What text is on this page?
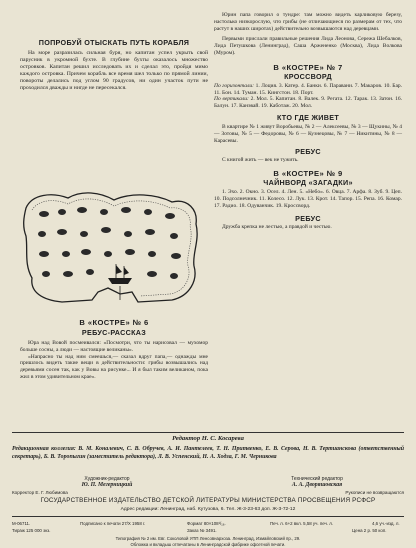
ПОПРОБУЙ ОТЫСКАТЬ ПУТЬ КОРАБЛЯ

На море разразилась сильная буря, но капитан успел укрыть свой парусник в укромной бухте. В глубине бухты оказалось множество островков. Капитан решил исследовать их и сделал это, пройдя мимо каждого островка. Причем корабль все время шел только по прямой линии, повороты делались под углом 90 градусов, ни один участок пути не проходился дважды и нигде не пересекался.

В «КОСТРЕ» № 6

РЕБУС-РАССКАЗ

Юра над Вовой посмеивался: «Посмотри, что ты нарисовал — мухомор больше сосны, а люди — настоящие великаны».

«Напрасно ты над ним смеешься,— сказал вдруг папа,— однажды мне пришлось видеть такие вещи в действительности: грибы возвышались над деревьями сосен так, как у Вовы на рисунке... И я был таким великаном, пока жил в этом удивительном крае».

Юрин папа говорил о тундре: там можно видеть карликовую березу, настолько низкорослую, что грибы (не отличающиеся по размерам от тех, что растут в наших широтах) действительно возвышаются над деревцами.

Первыми прислали правильные решения Лида Леонова, Сережа Шебалков, Лида Петушкова (Ленинград), Саша Аржененко (Москва), Лида Волкова (Муром).

В «КОСТРЕ» № 7

КРОССВОРД

По горизонтали: 1. Лоция. 3. Катер. 4. Банки. 6. Паравани. 7. Макаров. 10. Бар. 11. Бон. 14. Туман. 15. Кингстон. 18. Порт.

По вертикали: 2. Мол. 5. Капитан. 8. Валек. 9. Регата. 12. Тарак. 13. Затон. 16. Балун. 17. Канэвай. 19. Каботаж. 20. Мол.

КТО ГДЕ ЖИВЕТ

В квартире № 1 живут Воробьевы, № 2 — Алексеевы, № 3 — Щукины, № 4 — Зотовы, № 5 — Федоровы, № 6 — Кузнецовы, № 7 — Никитины, № 8 — Карасевы.

РЕБУС

С книгой жить — век не тужить.

В «КОСТРЕ» № 9

ЧАЙНВОРД «ЗАГАДКИ»

1. Эхо. 2. Окно. 3. Осел. 4. Лен. 5. «Небо». 6. Овца. 7. Арфа. 8. Зуб. 9. Цеп. 10. Подсолнечник. 11. Колесо. 12. Лук. 13. Крот. 14. Тапор. 15. Репа. 16. Комар. 17. Радио. 18. Одуванчик. 19. Кроссворд.

РЕБУС

Дружба крепка не лестью, а правдой и честью.

Редактор Н. С. Косарева

Редакционная коллегия: В. М. Коналевич, С. В. Обручев, А. И. Пантелеев, Т. Н. Притвенко, Е. В. Серова, Н. В. Тертианскова (ответственный секретарь), Б. В. Торопыгин (заместитель редактора), Л. В. Успенский, Н. А. Ходза, Г. М. Черникова

Художник-редактор

Ю. П. Мегерницкий

Технический редактор

А. А. Дворяшовская

Корректор Е. Г. Любимова	Рукописи не возвращаются

ГОСУДАРСТВЕННОЕ ИЗДАТЕЛЬСТВО ДЕТСКОЙ ЛИТЕРАТУРЫ МИНИСТЕРСТВА ПРОСВЕЩЕНИЯ РСФСР

Адрес редакции: Ленинград, наб. Кутузова, 6. Тел. Ж-3-23-63 доп. Ж-3-72-12

М-06711.	Подписано к печати 27/X 1958 г.	Формат 80×108¹/₁₆.	Печ. л. 6+2 вкл. 5,58 уч. печ. л.	4,6 уч.-изд. л.
Тираж 125 000 экз.	Заказ № 3491.	Цена 2 р. 50 коп.
Типография № 2 им. Евг. Соколовой УПП Ленсовнархоза. Ленинград, Измайловский пр., 29.
Обложка и вкладыш отпечатаны в Ленинградской фабрике офсетной печати.
